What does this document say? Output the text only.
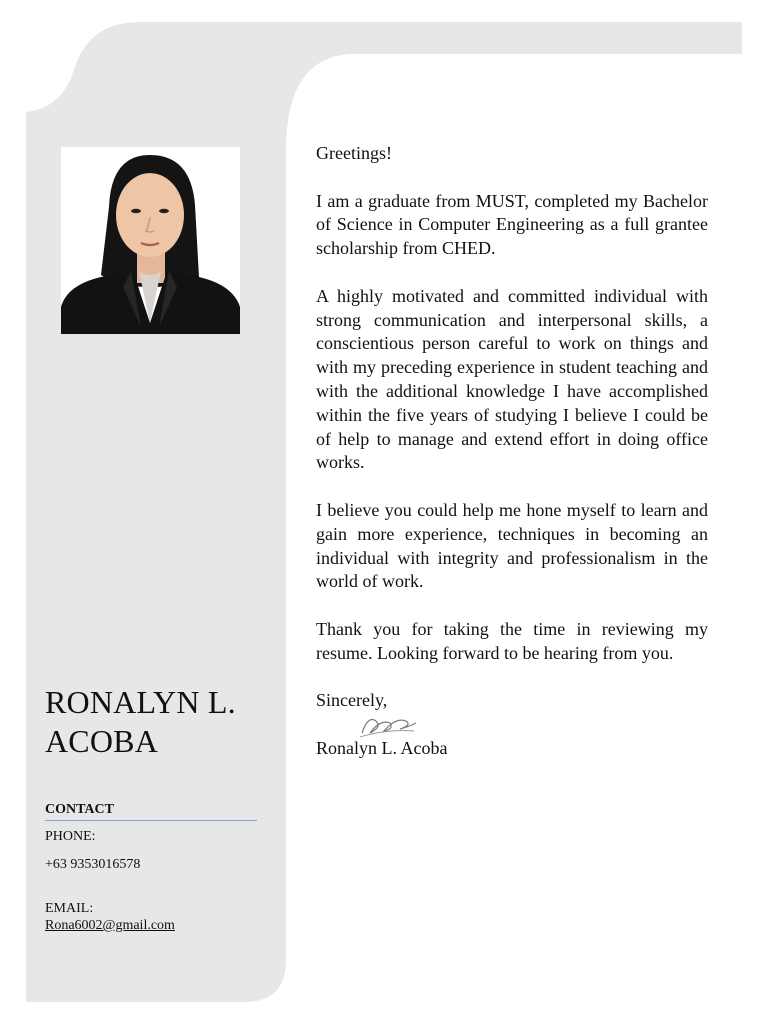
RONALYN L.
ACOBA
CONTACT
PHONE:
+63 9353016578
EMAIL:
Rona6002@gmail.com

Greetings!

I am a graduate from MUST, completed my Bachelor of Science in Computer Engineering as a full grantee scholarship from CHED.

A highly motivated and committed individual with strong communication and interpersonal skills, a conscientious person careful to work on things and with my preceding experience in student teaching and with the additional knowledge I have accomplished within the five years of studying I believe I could be of help to manage and extend effort in doing office works.

I believe you could help me hone myself to learn and gain more experience, techniques in becoming an individual with integrity and professionalism in the world of work.

Thank you for taking the time in reviewing my resume. Looking forward to be hearing from you.

Sincerely,

Ronalyn L. Acoba
